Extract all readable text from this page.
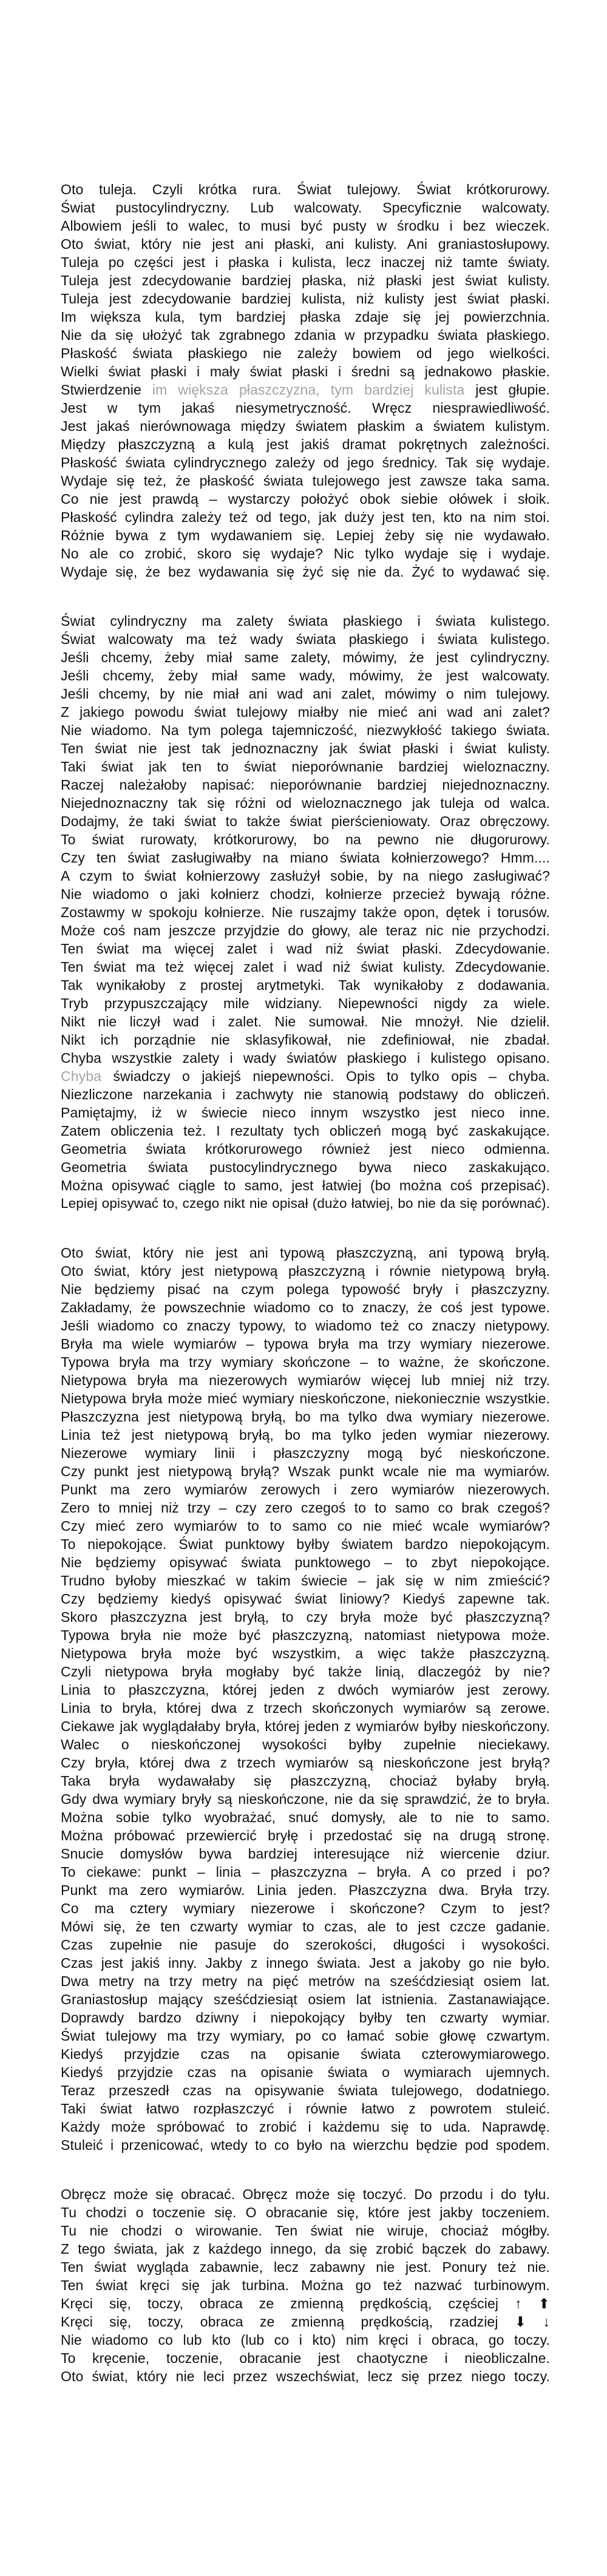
Oto tuleja. Czyli krótka rura. Świat tulejowy. Świat krótkorurowy.
Świat pustocylindryczny. Lub walcowaty. Specyficznie walcowaty.
Albowiem jeśli to walec, to musi być pusty w środku i bez wieczek.
Oto świat, który nie jest ani płaski, ani kulisty. Ani graniastosłupowy.
Tuleja po części jest i płaska i kulista, lecz inaczej niż tamte światy.
Tuleja jest zdecydowanie bardziej płaska, niż płaski jest świat kulisty.
Tuleja jest zdecydowanie bardziej kulista, niż kulisty jest świat płaski.
Im większa kula, tym bardziej płaska zdaje się jej powierzchnia.
Nie da się ułożyć tak zgrabnego zdania w przypadku świata płaskiego.
Płaskość świata płaskiego nie zależy bowiem od jego wielkości.
Wielki świat płaski i mały świat płaski i średni są jednakowo płaskie.
Stwierdzenie im większa płaszczyzna, tym bardziej kulista jest głupie.
Jest w tym jakaś niesymetryczność. Wręcz niesprawiedliwość.
Jest jakaś nierównowaga między światem płaskim a światem kulistym.
Między płaszczyzną a kulą jest jakiś dramat pokrętnych zależności.
Płaskość świata cylindrycznego zależy od jego średnicy. Tak się wydaje.
Wydaje się też, że płaskość świata tulejowego jest zawsze taka sama.
Co nie jest prawdą – wystarczy położyć obok siebie ołówek i słoik.
Płaskość cylindra zależy też od tego, jak duży jest ten, kto na nim stoi.
Różnie bywa z tym wydawaniem się. Lepiej żeby się nie wydawało.
No ale co zrobić, skoro się wydaje? Nic tylko wydaje się i wydaje.
Wydaje się, że bez wydawania się żyć się nie da. Żyć to wydawać się.
Świat cylindryczny ma zalety świata płaskiego i świata kulistego.
Świat walcowaty ma też wady świata płaskiego i świata kulistego.
Jeśli chcemy, żeby miał same zalety, mówimy, że jest cylindryczny.
Jeśli chcemy, żeby miał same wady, mówimy, że jest walcowaty.
Jeśli chcemy, by nie miał ani wad ani zalet, mówimy o nim tulejowy.
Z jakiego powodu świat tulejowy miałby nie mieć ani wad ani zalet?
Nie wiadomo. Na tym polega tajemniczość, niezwykłość takiego świata.
Ten świat nie jest tak jednoznaczny jak świat płaski i świat kulisty.
Taki świat jak ten to świat nieporównanie bardziej wieloznaczny.
Raczej należałoby napisać: nieporównanie bardziej niejednoznaczny.
Niejednoznaczny tak się różni od wieloznacznego jak tuleja od walca.
Dodajmy, że taki świat to także świat pierścieniowaty. Oraz obręczowy.
To świat rurowaty, krótkorurowy, bo na pewno nie długorurowy.
Czy ten świat zasługiwałby na miano świata kołnierzowego? Hmm....
A czym to świat kołnierzowy zasłużył sobie, by na niego zasługiwać?
Nie wiadomo o jaki kołnierz chodzi, kołnierze przecież bywają różne.
Zostawmy w spokoju kołnierze. Nie ruszajmy także opon, dętek i torusów.
Może coś nam jeszcze przyjdzie do głowy, ale teraz nic nie przychodzi.
Ten świat ma więcej zalet i wad niż świat płaski. Zdecydowanie.
Ten świat ma też więcej zalet i wad niż świat kulisty. Zdecydowanie.
Tak wynikałoby z prostej arytmetyki. Tak wynikałoby z dodawania.
Tryb przypuszczający mile widziany. Niepewności nigdy za wiele.
Nikt nie liczył wad i zalet. Nie sumował. Nie mnożył. Nie dzielił.
Nikt ich porządnie nie sklasyfikował, nie zdefiniował, nie zbadał.
Chyba wszystkie zalety i wady światów płaskiego i kulistego opisano.
Chyba świadczy o jakiejś niepewności. Opis to tylko opis – chyba.
Niezliczone narzekania i zachwyty nie stanowią podstawy do obliczeń.
Pamiętajmy, iż w świecie nieco innym wszystko jest nieco inne.
Zatem obliczenia też. I rezultaty tych obliczeń mogą być zaskakujące.
Geometria świata krótkorurowego również jest nieco odmienna.
Geometria świata pustocylindrycznego bywa nieco zaskakująco.
Można opisywać ciągle to samo, jest łatwiej (bo można coś przepisać).
Lepiej opisywać to, czego nikt nie opisał (dużo łatwiej, bo nie da się porównać).
Oto świat, który nie jest ani typową płaszczyzną, ani typową bryłą.
Oto świat, który jest nietypową płaszczyzną i równie nietypową bryłą.
Nie będziemy pisać na czym polega typowość bryły i płaszczyzny.
Zakładamy, że powszechnie wiadomo co to znaczy, że coś jest typowe.
Jeśli wiadomo co znaczy typowy, to wiadomo też co znaczy nietypowy.
Bryła ma wiele wymiarów – typowa bryła ma trzy wymiary niezerowe.
Typowa bryła ma trzy wymiary skończone – to ważne, że skończone.
Nietypowa bryła ma niezerowych wymiarów więcej lub mniej niż trzy.
Nietypowa bryła może mieć wymiary nieskończone, niekoniecznie wszystkie.
Płaszczyzna jest nietypową bryłą, bo ma tylko dwa wymiary niezerowe.
Linia też jest nietypową bryłą, bo ma tylko jeden wymiar niezerowy.
Niezerowe wymiary linii i płaszczyzny mogą być nieskończone.
Czy punkt jest nietypową bryłą? Wszak punkt wcale nie ma wymiarów.
Punkt ma zero wymiarów zerowych i zero wymiarów niezerowych.
Zero to mniej niż trzy – czy zero czegoś to to samo co brak czegoś?
Czy mieć zero wymiarów to to samo co nie mieć wcale wymiarów?
To niepokojące. Świat punktowy byłby światem bardzo niepokojącym.
Nie będziemy opisywać świata punktowego – to zbyt niepokojące.
Trudno byłoby mieszkać w takim świecie – jak się w nim zmieścić?
Czy będziemy kiedyś opisywać świat liniowy? Kiedyś zapewne tak.
Skoro płaszczyzna jest bryłą, to czy bryła może być płaszczyzną?
Typowa bryła nie może być płaszczyzną, natomiast nietypowa może.
Nietypowa bryła może być wszystkim, a więc także płaszczyzną.
Czyli nietypowa bryła mogłaby być także linią, dlaczegóż by nie?
Linia to płaszczyzna, której jeden z dwóch wymiarów jest zerowy.
Linia to bryła, której dwa z trzech skończonych wymiarów są zerowe.
Ciekawe jak wyglądałaby bryła, której jeden z wymiarów byłby nieskończony.
Walec o nieskończonej wysokości byłby zupełnie nieciekawy.
Czy bryła, której dwa z trzech wymiarów są nieskończone jest bryłą?
Taka bryła wydawałaby się płaszczyzną, chociaż byłaby bryłą.
Gdy dwa wymiary bryły są nieskończone, nie da się sprawdzić, że to bryła.
Można sobie tylko wyobrażać, snuć domysły, ale to nie to samo.
Można próbować przewiercić bryłę i przedostać się na drugą stronę.
Snucie domysłów bywa bardziej interesujące niż wiercenie dziur.
To ciekawe: punkt – linia – płaszczyzna – bryła. A co przed i po?
Punkt ma zero wymiarów. Linia jeden. Płaszczyzna dwa. Bryła trzy.
Co ma cztery wymiary niezerowe i skończone? Czym to jest?
Mówi się, że ten czwarty wymiar to czas, ale to jest czcze gadanie.
Czas zupełnie nie pasuje do szerokości, długości i wysokości.
Czas jest jakiś inny. Jakby z innego świata. Jest a jakoby go nie było.
Dwa metry na trzy metry na pięć metrów na sześćdziesiąt osiem lat.
Graniastosłup mający sześćdziesiąt osiem lat istnienia. Zastanawiające.
Doprawdy bardzo dziwny i niepokojący byłby ten czwarty wymiar.
Świat tulejowy ma trzy wymiary, po co łamać sobie głowę czwartym.
Kiedyś przyjdzie czas na opisanie świata czterowymiarowego.
Kiedyś przyjdzie czas na opisanie świata o wymiarach ujemnych.
Teraz przeszedł czas na opisywanie świata tulejowego, dodatniego.
Taki świat łatwo rozpłaszczyć i równie łatwo z powrotem stuleić.
Każdy może spróbować to zrobić i każdemu się to uda. Naprawdę.
Stuleić i przenicować, wtedy to co było na wierzchu będzie pod spodem.
Obręcz może się obracać. Obręcz może się toczyć. Do przodu i do tyłu.
Tu chodzi o toczenie się. O obracanie się, które jest jakby toczeniem.
Tu nie chodzi o wirowanie. Ten świat nie wiruje, chociaż mógłby.
Z tego świata, jak z każdego innego, da się zrobić bączek do zabawy.
Ten świat wygląda zabawnie, lecz zabawny nie jest. Ponury też nie.
Ten świat kręci się jak turbina. Można go też nazwać turbinowym.
Kręci się, toczy, obraca ze zmienną prędkością, częściej ↑ ⬆
Kręci się, toczy, obraca ze zmienną prędkością, rzadziej ⬇ ↓
Nie wiadomo co lub kto (lub co i kto) nim kręci i obraca, go toczy.
To kręcenie, toczenie, obracanie jest chaotyczne i nieobliczalne.
Oto świat, który nie leci przez wszechświat, lecz się przez niego toczy.
